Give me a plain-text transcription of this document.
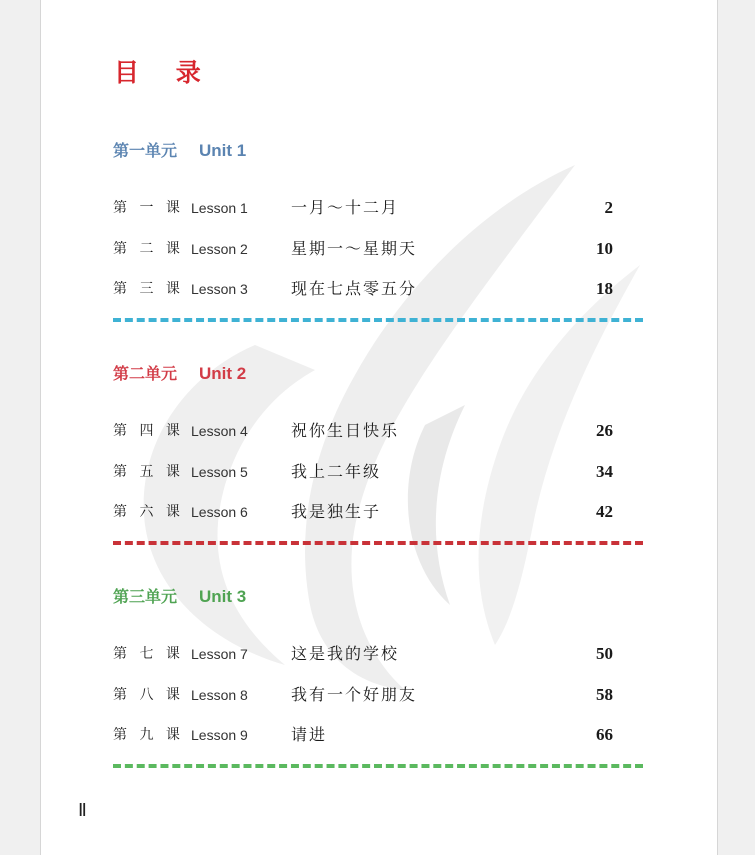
目 录
第一单元 Unit 1
第 一 课 Lesson 1	一月～十二月	2
第 二 课 Lesson 2	星期一～星期天	10
第 三 课 Lesson 3	现在七点零五分	18
第二单元 Unit 2
第 四 课 Lesson 4	祝你生日快乐	26
第 五 课 Lesson 5	我上二年级	34
第 六 课 Lesson 6	我是独生子	42
第三单元 Unit 3
第 七 课 Lesson 7	这是我的学校	50
第 八 课 Lesson 8	我有一个好朋友	58
第 九 课 Lesson 9	请进	66
Ⅱ
